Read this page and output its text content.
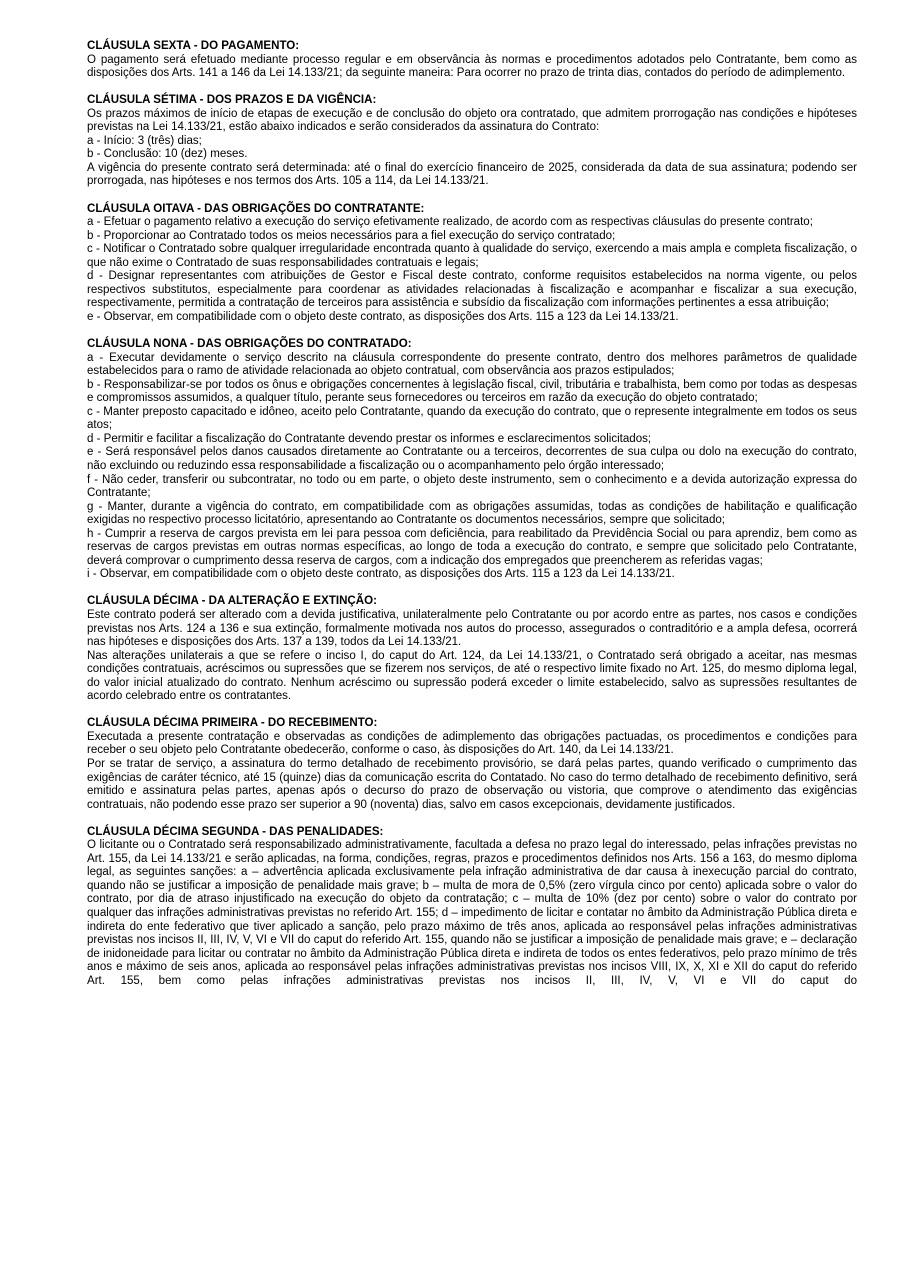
CLÁUSULA SEXTA - DO PAGAMENTO:
O pagamento será efetuado mediante processo regular e em observância às normas e procedimentos adotados pelo Contratante, bem como as disposições dos Arts. 141 a 146 da Lei 14.133/21; da seguinte maneira: Para ocorrer no prazo de trinta dias, contados do período de adimplemento.
CLÁUSULA SÉTIMA - DOS PRAZOS E DA VIGÊNCIA:
Os prazos máximos de início de etapas de execução e de conclusão do objeto ora contratado, que admitem prorrogação nas condições e hipóteses previstas na Lei 14.133/21, estão abaixo indicados e serão considerados da assinatura do Contrato:
a - Início: 3 (três) dias;
b - Conclusão: 10 (dez) meses.
A vigência do presente contrato será determinada: até o final do exercício financeiro de 2025, considerada da data de sua assinatura; podendo ser prorrogada, nas hipóteses e nos termos dos Arts. 105 a 114, da Lei 14.133/21.
CLÁUSULA OITAVA - DAS OBRIGAÇÕES DO CONTRATANTE:
a - Efetuar o pagamento relativo a execução do serviço efetivamente realizado, de acordo com as respectivas cláusulas do presente contrato;
b - Proporcionar ao Contratado todos os meios necessários para a fiel execução do serviço contratado;
c - Notificar o Contratado sobre qualquer irregularidade encontrada quanto à qualidade do serviço, exercendo a mais ampla e completa fiscalização, o que não exime o Contratado de suas responsabilidades contratuais e legais;
d - Designar representantes com atribuições de Gestor e Fiscal deste contrato, conforme requisitos estabelecidos na norma vigente, ou pelos respectivos substitutos, especialmente para coordenar as atividades relacionadas à fiscalização e acompanhar e fiscalizar a sua execução, respectivamente, permitida a contratação de terceiros para assistência e subsídio da fiscalização com informações pertinentes a essa atribuição;
e - Observar, em compatibilidade com o objeto deste contrato, as disposições dos Arts. 115 a 123 da Lei 14.133/21.
CLÁUSULA NONA - DAS OBRIGAÇÕES DO CONTRATADO:
a - Executar devidamente o serviço descrito na cláusula correspondente do presente contrato, dentro dos melhores parâmetros de qualidade estabelecidos para o ramo de atividade relacionada ao objeto contratual, com observância aos prazos estipulados;
b - Responsabilizar-se por todos os ônus e obrigações concernentes à legislação fiscal, civil, tributária e trabalhista, bem como por todas as despesas e compromissos assumidos, a qualquer título, perante seus fornecedores ou terceiros em razão da execução do objeto contratado;
c - Manter preposto capacitado e idôneo, aceito pelo Contratante, quando da execução do contrato, que o represente integralmente em todos os seus atos;
d - Permitir e facilitar a fiscalização do Contratante devendo prestar os informes e esclarecimentos solicitados;
e - Será responsável pelos danos causados diretamente ao Contratante ou a terceiros, decorrentes de sua culpa ou dolo na execução do contrato, não excluindo ou reduzindo essa responsabilidade a fiscalização ou o acompanhamento pelo órgão interessado;
f - Não ceder, transferir ou subcontratar, no todo ou em parte, o objeto deste instrumento, sem o conhecimento e a devida autorização expressa do Contratante;
g - Manter, durante a vigência do contrato, em compatibilidade com as obrigações assumidas, todas as condições de habilitação e qualificação exigidas no respectivo processo licitatório, apresentando ao Contratante os documentos necessários, sempre que solicitado;
h - Cumprir a reserva de cargos prevista em lei para pessoa com deficiência, para reabilitado da Previdência Social ou para aprendiz, bem como as reservas de cargos previstas em outras normas específicas, ao longo de toda a execução do contrato, e sempre que solicitado pelo Contratante, deverá comprovar o cumprimento dessa reserva de cargos, com a indicação dos empregados que preencherem as referidas vagas;
i - Observar, em compatibilidade com o objeto deste contrato, as disposições dos Arts. 115 a 123 da Lei 14.133/21.
CLÁUSULA DÉCIMA - DA ALTERAÇÃO E EXTINÇÃO:
Este contrato poderá ser alterado com a devida justificativa, unilateralmente pelo Contratante ou por acordo entre as partes, nos casos e condições previstas nos Arts. 124 a 136 e sua extinção, formalmente motivada nos autos do processo, assegurados o contraditório e a ampla defesa, ocorrerá nas hipóteses e disposições dos Arts. 137 a 139, todos da Lei 14.133/21.
Nas alterações unilaterais a que se refere o inciso I, do caput do Art. 124, da Lei 14.133/21, o Contratado será obrigado a aceitar, nas mesmas condições contratuais, acréscimos ou supressões que se fizerem nos serviços, de até o respectivo limite fixado no Art. 125, do mesmo diploma legal, do valor inicial atualizado do contrato. Nenhum acréscimo ou supressão poderá exceder o limite estabelecido, salvo as supressões resultantes de acordo celebrado entre os contratantes.
CLÁUSULA DÉCIMA PRIMEIRA - DO RECEBIMENTO:
Executada a presente contratação e observadas as condições de adimplemento das obrigações pactuadas, os procedimentos e condições para receber o seu objeto pelo Contratante obedecerão, conforme o caso, às disposições do Art. 140, da Lei 14.133/21.
Por se tratar de serviço, a assinatura do termo detalhado de recebimento provisório, se dará pelas partes, quando verificado o cumprimento das exigências de caráter técnico, até 15 (quinze) dias da comunicação escrita do Contatado. No caso do termo detalhado de recebimento definitivo, será emitido e assinatura pelas partes, apenas após o decurso do prazo de observação ou vistoria, que comprove o atendimento das exigências contratuais, não podendo esse prazo ser superior a 90 (noventa) dias, salvo em casos excepcionais, devidamente justificados.
CLÁUSULA DÉCIMA SEGUNDA - DAS PENALIDADES:
O licitante ou o Contratado será responsabilizado administrativamente, facultada a defesa no prazo legal do interessado, pelas infrações previstas no Art. 155, da Lei 14.133/21 e serão aplicadas, na forma, condições, regras, prazos e procedimentos definidos nos Arts. 156 a 163, do mesmo diploma legal, as seguintes sanções: a – advertência aplicada exclusivamente pela infração administrativa de dar causa à inexecução parcial do contrato, quando não se justificar a imposição de penalidade mais grave; b – multa de mora de 0,5% (zero vírgula cinco por cento) aplicada sobre o valor do contrato, por dia de atraso injustificado na execução do objeto da contratação; c – multa de 10% (dez por cento) sobre o valor do contrato por qualquer das infrações administrativas previstas no referido Art. 155; d – impedimento de licitar e contatar no âmbito da Administração Pública direta e indireta do ente federativo que tiver aplicado a sanção, pelo prazo máximo de três anos, aplicada ao responsável pelas infrações administrativas previstas nos incisos II, III, IV, V, VI e VII do caput do referido Art. 155, quando não se justificar a imposição de penalidade mais grave; e – declaração de inidoneidade para licitar ou contratar no âmbito da Administração Pública direta e indireta de todos os entes federativos, pelo prazo mínimo de três anos e máximo de seis anos, aplicada ao responsável pelas infrações administrativas previstas nos incisos VIII, IX, X, XI e XII do caput do referido Art. 155, bem como pelas infrações administrativas previstas nos incisos II, III, IV, V, VI e VII do caput do
